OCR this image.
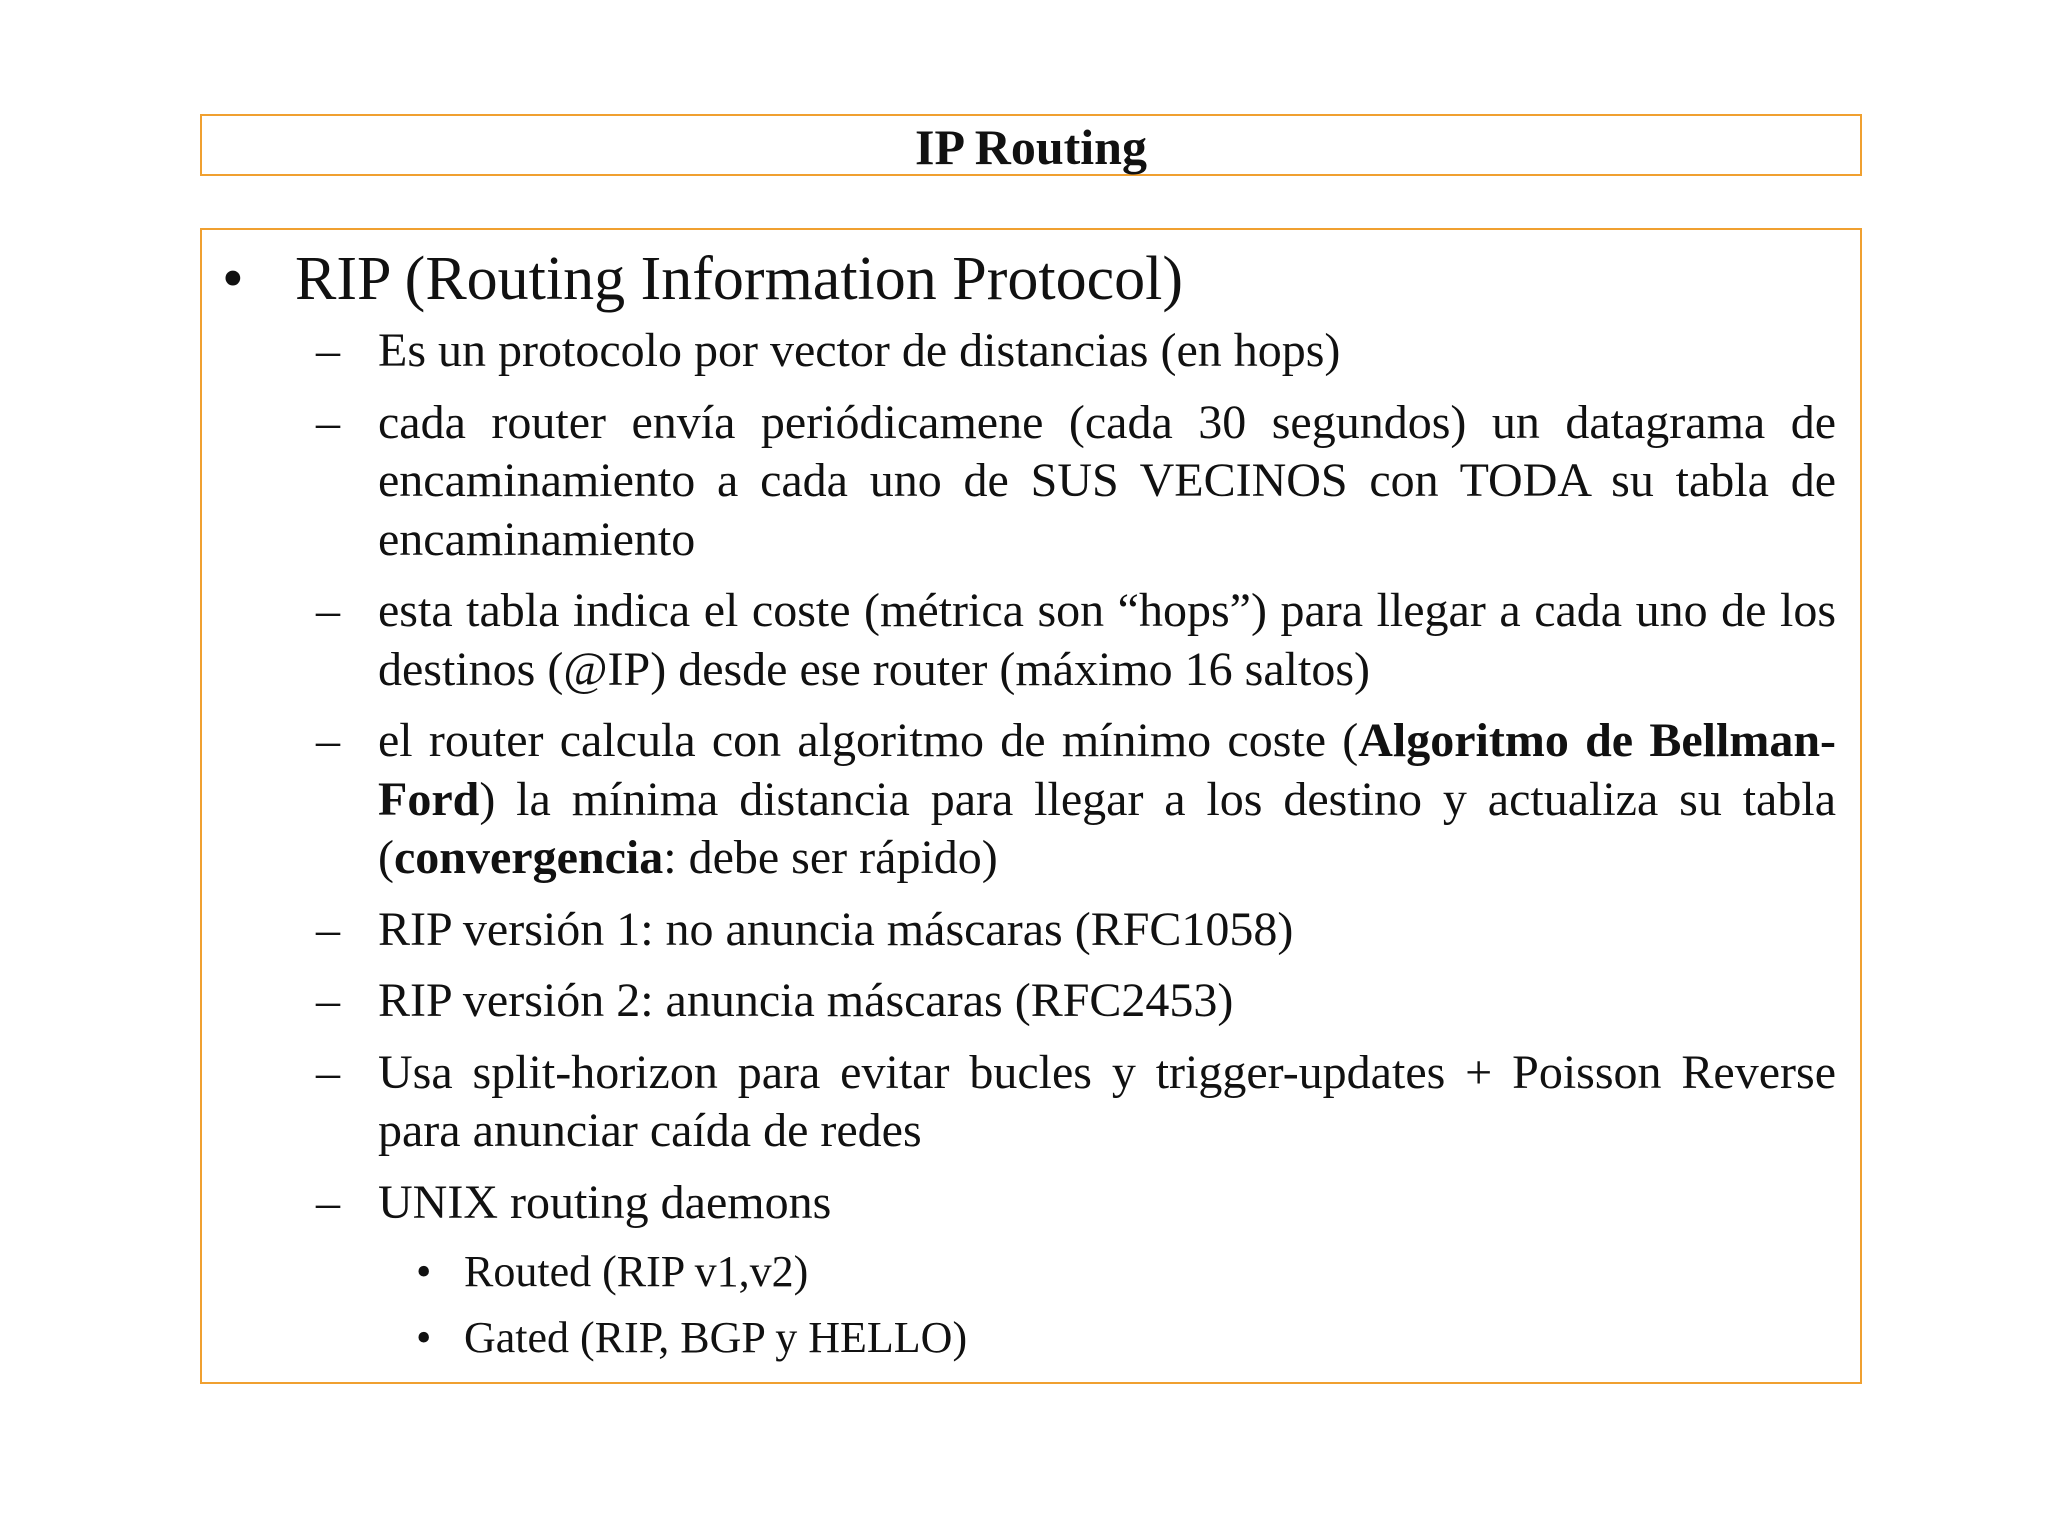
IP Routing
• RIP (Routing Information Protocol)
– Es un protocolo por vector de distancias (en hops)
– cada router envía periódicamene (cada 30 segundos) un datagrama de encaminamiento a cada uno de SUS VECINOS con TODA su tabla de encaminamiento
– esta tabla indica el coste (métrica son “hops”) para llegar a cada uno de los destinos (@IP) desde ese router (máximo 16 saltos)
– el router calcula con algoritmo de mínimo coste (Algoritmo de Bellman-Ford) la mínima distancia para llegar a los destino y actualiza su tabla (convergencia: debe ser rápido)
– RIP versión 1: no anuncia máscaras (RFC1058)
– RIP versión 2: anuncia máscaras (RFC2453)
– Usa split-horizon para evitar bucles y trigger-updates + Poisson Reverse para anunciar caída de redes
– UNIX routing daemons
• Routed (RIP v1,v2)
• Gated (RIP, BGP y HELLO)
